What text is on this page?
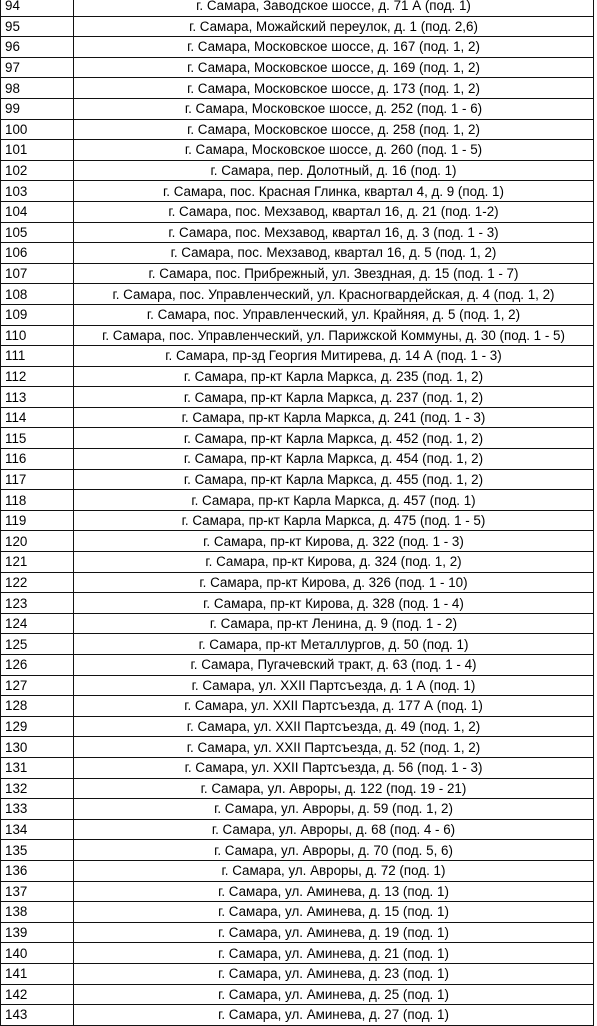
94	г. Самара, Заводское шоссе, д. 71 А (под. 1)
95	г. Самара, Можайский переулок, д. 1 (под. 2,6)
96	г. Самара, Московское шоссе, д. 167 (под. 1, 2)
97	г. Самара, Московское шоссе, д. 169 (под. 1, 2)
98	г. Самара, Московское шоссе, д. 173 (под. 1, 2)
99	г. Самара, Московское шоссе, д. 252 (под. 1 - 6)
100	г. Самара, Московское шоссе, д. 258 (под. 1, 2)
101	г. Самара, Московское шоссе, д. 260 (под. 1 - 5)
102	г. Самара, пер. Долотный, д. 16 (под. 1)
103	г. Самара, пос. Красная Глинка, квартал 4, д. 9 (под. 1)
104	г. Самара, пос. Мехзавод, квартал 16, д. 21 (под. 1-2)
105	г. Самара, пос. Мехзавод, квартал 16, д. 3 (под. 1 - 3)
106	г. Самара, пос. Мехзавод, квартал 16, д. 5 (под. 1, 2)
107	г. Самара, пос. Прибрежный, ул. Звездная, д. 15 (под. 1 - 7)
108	г. Самара, пос. Управленческий, ул. Красногвардейская, д. 4 (под. 1, 2)
109	г. Самара, пос. Управленческий, ул. Крайняя, д. 5 (под. 1, 2)
110	г. Самара, пос. Управленческий, ул. Парижской Коммуны, д. 30 (под. 1 - 5)
111	г. Самара, пр-зд Георгия Митирева, д. 14 А (под. 1 - 3)
112	г. Самара, пр-кт Карла Маркса, д. 235 (под. 1, 2)
113	г. Самара, пр-кт Карла Маркса, д. 237 (под. 1, 2)
114	г. Самара, пр-кт Карла Маркса, д. 241 (под. 1 - 3)
115	г. Самара, пр-кт Карла Маркса, д. 452 (под. 1, 2)
116	г. Самара, пр-кт Карла Маркса, д. 454 (под. 1, 2)
117	г. Самара, пр-кт Карла Маркса, д. 455 (под. 1, 2)
118	г. Самара, пр-кт Карла Маркса, д. 457 (под. 1)
119	г. Самара, пр-кт Карла Маркса, д. 475 (под. 1 - 5)
120	г. Самара, пр-кт Кирова, д. 322 (под. 1 - 3)
121	г. Самара, пр-кт Кирова, д. 324 (под. 1, 2)
122	г. Самара, пр-кт Кирова, д. 326 (под. 1 - 10)
123	г. Самара, пр-кт Кирова, д. 328 (под. 1 - 4)
124	г. Самара, пр-кт Ленина, д. 9 (под. 1 - 2)
125	г. Самара, пр-кт Металлургов, д. 50 (под. 1)
126	г. Самара, Пугачевский тракт, д. 63 (под. 1 - 4)
127	г. Самара, ул. XXII Партсъезда, д. 1 А (под. 1)
128	г. Самара, ул. XXII Партсъезда, д. 177 А (под. 1)
129	г. Самара, ул. XXII Партсъезда, д. 49 (под. 1, 2)
130	г. Самара, ул. XXII Партсъезда, д. 52 (под. 1, 2)
131	г. Самара, ул. XXII Партсъезда, д. 56 (под. 1 - 3)
132	г. Самара, ул. Авроры, д. 122 (под. 19 - 21)
133	г. Самара, ул. Авроры, д. 59 (под. 1, 2)
134	г. Самара, ул. Авроры, д. 68 (под. 4 - 6)
135	г. Самара, ул. Авроры, д. 70 (под. 5, 6)
136	г. Самара, ул. Авроры, д. 72 (под. 1)
137	г. Самара, ул. Аминева, д. 13 (под. 1)
138	г. Самара, ул. Аминева, д. 15 (под. 1)
139	г. Самара, ул. Аминева, д. 19 (под. 1)
140	г. Самара, ул. Аминева, д. 21 (под. 1)
141	г. Самара, ул. Аминева, д. 23 (под. 1)
142	г. Самара, ул. Аминева, д. 25 (под. 1)
143	г. Самара, ул. Аминева, д. 27 (под. 1)
